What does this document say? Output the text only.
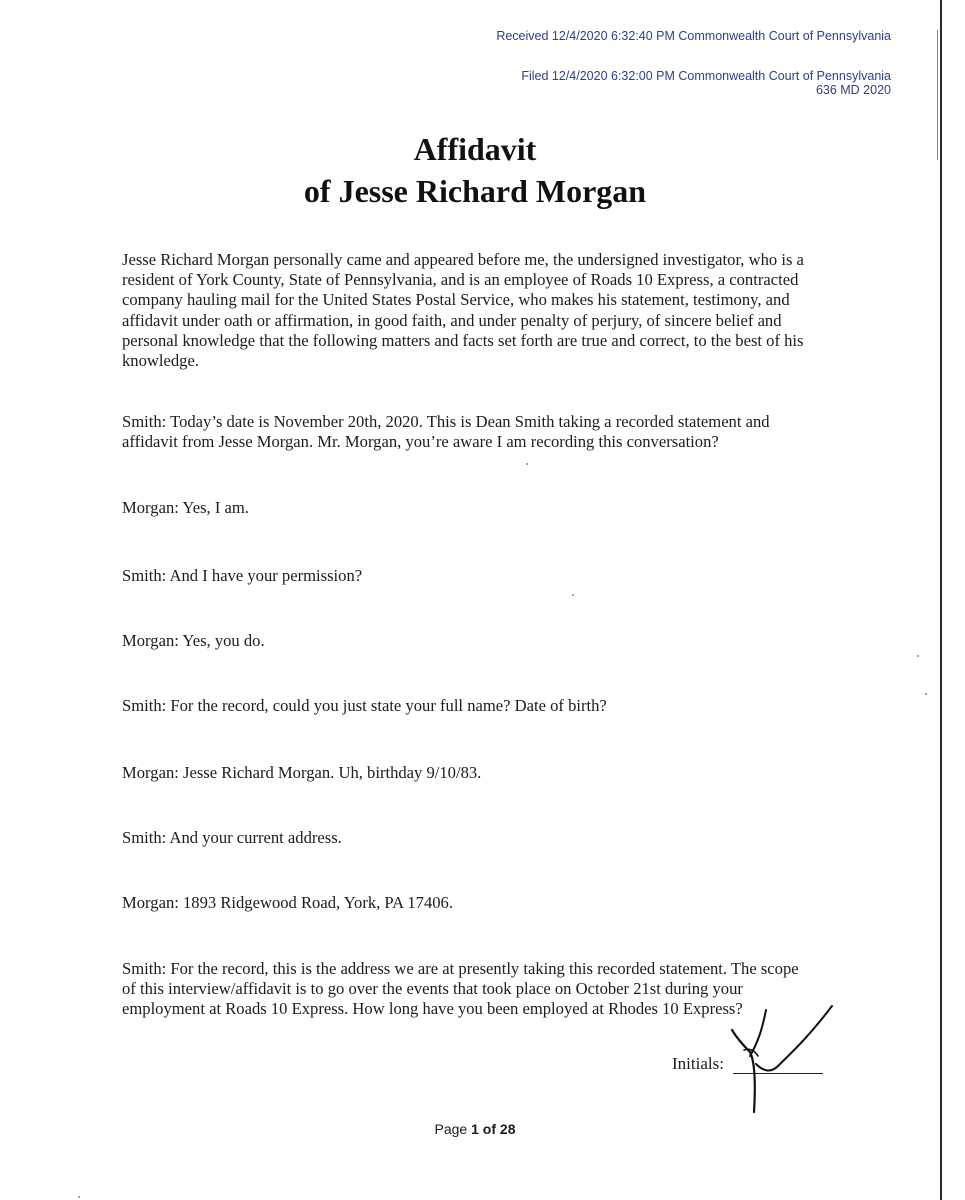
Received 12/4/2020 6:32:40 PM Commonwealth Court of Pennsylvania
Filed 12/4/2020 6:32:00 PM Commonwealth Court of Pennsylvania
636 MD 2020
Affidavit
of Jesse Richard Morgan

Jesse Richard Morgan personally came and appeared before me, the undersigned investigator, who is a resident of York County, State of Pennsylvania, and is an employee of Roads 10 Express, a contracted company hauling mail for the United States Postal Service, who makes his statement, testimony, and affidavit under oath or affirmation, in good faith, and under penalty of perjury, of sincere belief and personal knowledge that the following matters and facts set forth are true and correct, to the best of his knowledge.

Smith: Today’s date is November 20th, 2020. This is Dean Smith taking a recorded statement and affidavit from Jesse Morgan. Mr. Morgan, you’re aware I am recording this conversation?

Morgan: Yes, I am.

Smith: And I have your permission?

Morgan: Yes, you do.

Smith: For the record, could you just state your full name? Date of birth?

Morgan: Jesse Richard Morgan. Uh, birthday 9/10/83.

Smith: And your current address.

Morgan: 1893 Ridgewood Road, York, PA 17406.

Smith: For the record, this is the address we are at presently taking this recorded statement. The scope of this interview/affidavit is to go over the events that took place on October 21st during your employment at Roads 10 Express. How long have you been employed at Rhodes 10 Express?

Initials:
Page 1 of 28
